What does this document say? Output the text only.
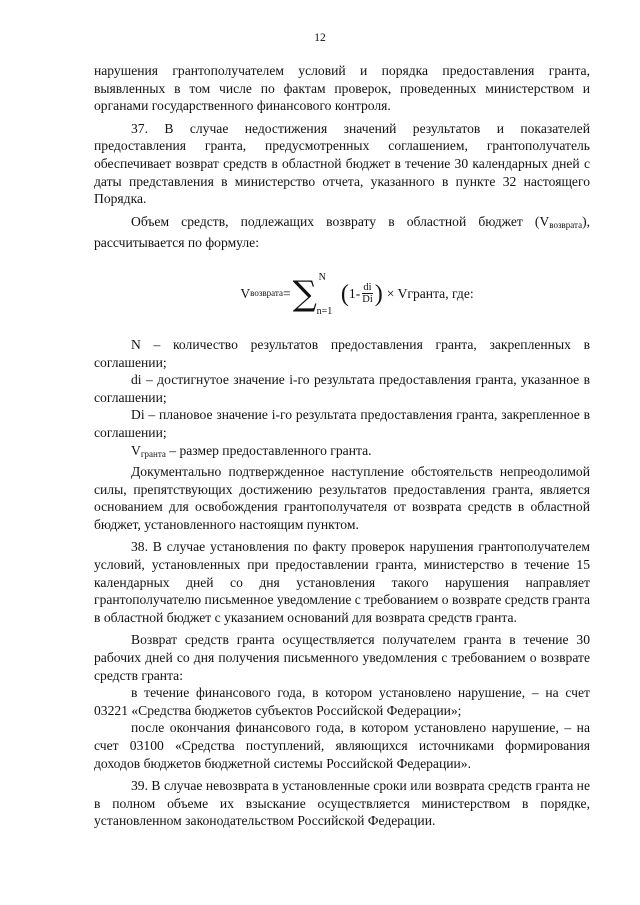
12

нарушения грантополучателем условий и порядка предоставления гранта, выявленных в том числе по фактам проверок, проведенных министерством и органами государственного финансового контроля.

37. В случае недостижения значений результатов и показателей предоставления гранта, предусмотренных соглашением, грантополучатель обеспечивает возврат средств в областной бюджет в течение 30 календарных дней с даты представления в министерство отчета, указанного в пункте 32 настоящего Порядка.

Объем средств, подлежащих возврату в областной бюджет $(V_{возврата})$, рассчитывается по формуле:

V возврата = ∑ N
n=1
( $1- \frac{di}{Di}$ ) × Vгранта, где:

N – количество результатов предоставления гранта, закрепленных в соглашении;

di – достигнутое значение i-го результата предоставления гранта, указанное в соглашении;

Di – плановое значение i-го результата предоставления гранта, закрепленное в соглашении;

$V_{гранта}$ – размер предоставленного гранта.

Документально подтвержденное наступление обстоятельств непреодолимой силы, препятствующих достижению результатов предоставления гранта, является основанием для освобождения грантополучателя от возврата средств в областной бюджет, установленного настоящим пунктом.

38. В случае установления по факту проверок нарушения грантополучателем условий, установленных при предоставлении гранта, министерство в течение 15 календарных дней со дня установления такого нарушения направляет грантополучателю письменное уведомление с требованием о возврате средств гранта в областной бюджет с указанием оснований для возврата средств гранта.

Возврат средств гранта осуществляется получателем гранта в течение 30 рабочих дней со дня получения письменного уведомления с требованием о возврате средств гранта:

в течение финансового года, в котором установлено нарушение, – на счет 03221 «Средства бюджетов субъектов Российской Федерации»;

после окончания финансового года, в котором установлено нарушение, – на счет 03100 «Средства поступлений, являющихся источниками формирования доходов бюджетов бюджетной системы Российской Федерации».

39. В случае невозврата в установленные сроки или возврата средств гранта не в полном объеме их взыскание осуществляется министерством в порядке, установленном законодательством Российской Федерации.
